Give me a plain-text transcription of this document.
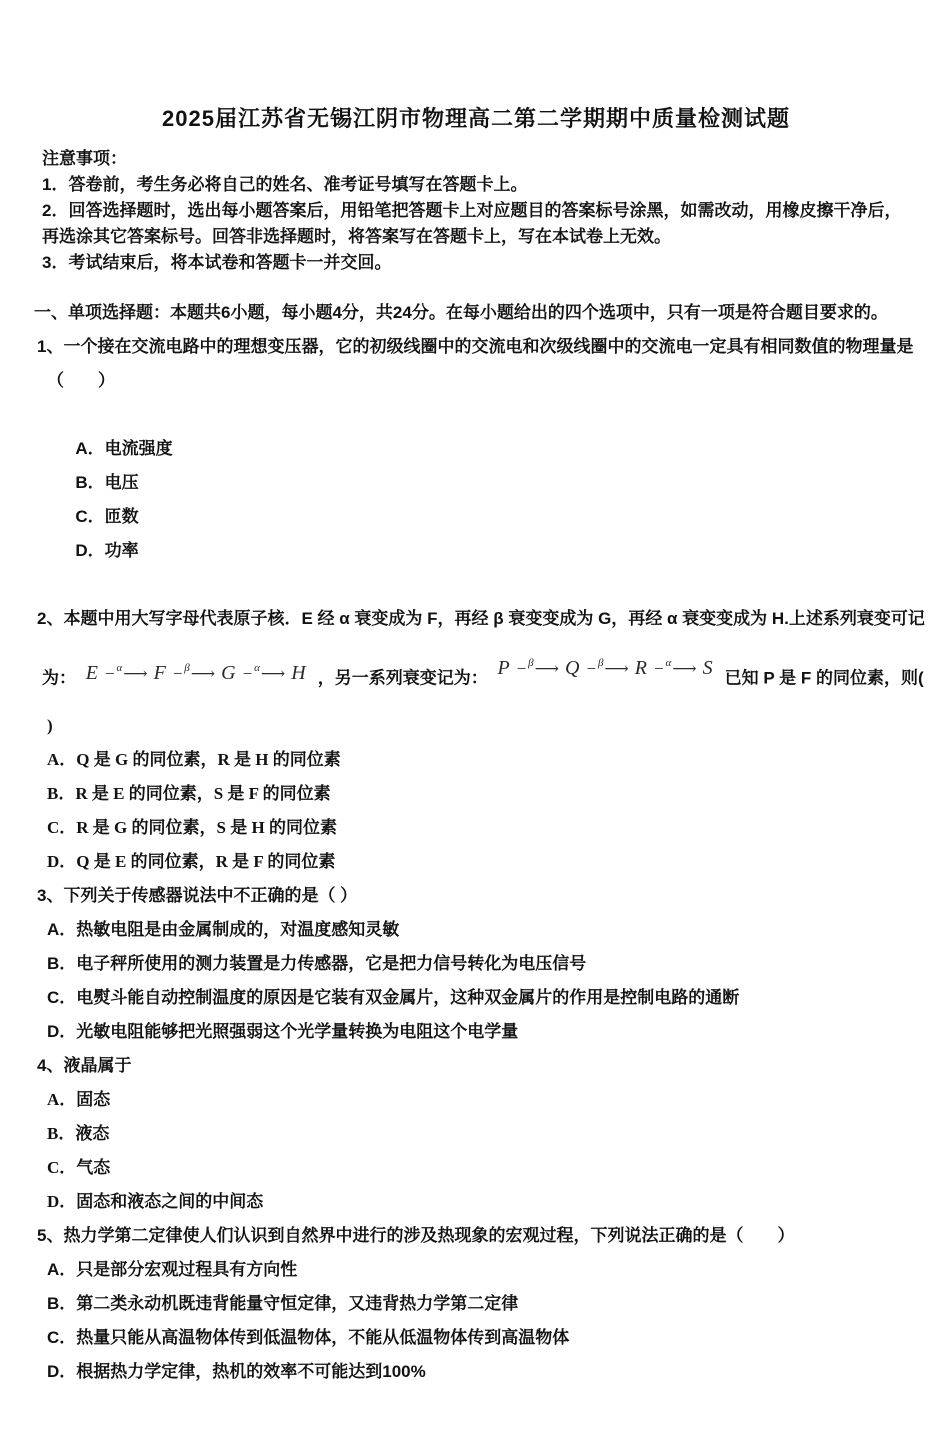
2025届江苏省无锡江阴市物理高二第二学期期中质量检测试题
注意事项：
1．答卷前，考生务必将自己的姓名、准考证号填写在答题卡上。
2．回答选择题时，选出每小题答案后，用铅笔把答题卡上对应题目的答案标号涂黑，如需改动，用橡皮擦干净后，再选涂其它答案标号。回答非选择题时，将答案写在答题卡上，写在本试卷上无效。
3．考试结束后，将本试卷和答题卡一并交回。
一、单项选择题：本题共6小题，每小题4分，共24分。在每小题给出的四个选项中，只有一项是符合题目要求的。
1、一个接在交流电路中的理想变压器，它的初级线圈中的交流电和次级线圈中的交流电一定具有相同数值的物理量是
（　　）

A．电流强度
B．电压
C．匝数
D．功率

2、本题中用大写字母代表原子核．E 经 α 衰变成为 F，再经 β 衰变变成为 G，再经 α 衰变变成为 H.上述系列衰变可记
为： E −$^\alpha$⟶ F −$^\beta$⟶ G −$^\alpha$⟶ H ，另一系列衰变记为： P −$^\beta$⟶ Q −$^\beta$⟶ R −$^\alpha$⟶ S 已知 P 是 F 的同位素，则(
)
A．Q 是 G 的同位素，R 是 H 的同位素
B．R 是 E 的同位素，S 是 F 的同位素
C．R 是 G 的同位素，S 是 H 的同位素
D．Q 是 E 的同位素，R 是 F 的同位素
3、下列关于传感器说法中不正确的是（ ）
A．热敏电阻是由金属制成的，对温度感知灵敏
B．电子秤所使用的测力装置是力传感器，它是把力信号转化为电压信号
C．电熨斗能自动控制温度的原因是它装有双金属片，这种双金属片的作用是控制电路的通断
D．光敏电阻能够把光照强弱这个光学量转换为电阻这个电学量
4、液晶属于
A．固态
B．液态
C．气态
D．固态和液态之间的中间态
5、热力学第二定律使人们认识到自然界中进行的涉及热现象的宏观过程，下列说法正确的是（　　）
A．只是部分宏观过程具有方向性
B．第二类永动机既违背能量守恒定律，又违背热力学第二定律
C．热量只能从高温物体传到低温物体，不能从低温物体传到高温物体
D．根据热力学定律，热机的效率不可能达到100%
